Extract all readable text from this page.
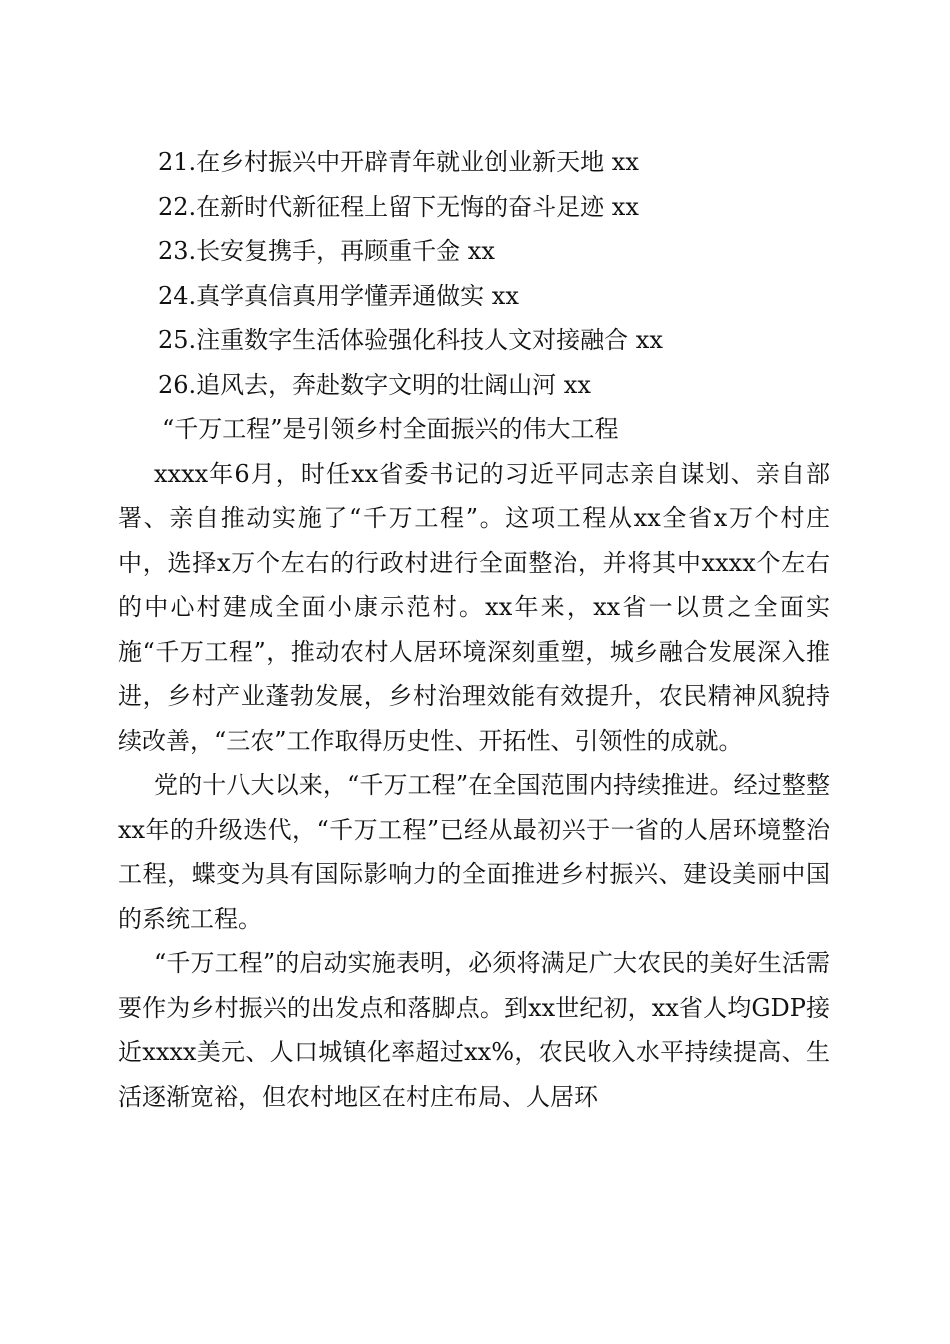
21.在乡村振兴中开辟青年就业创业新天地 xx
22.在新时代新征程上留下无悔的奋斗足迹 xx
23.长安复携手，再顾重千金 xx
24.真学真信真用学懂弄通做实 xx
25.注重数字生活体验强化科技人文对接融合 xx
26.追风去，奔赴数字文明的壮阔山河 xx
“千万工程”是引领乡村全面振兴的伟大工程

xxxx年6月，时任xx省委书记的习近平同志亲自谋划、亲自部署、亲自推动实施了“千万工程”。这项工程从xx全省x万个村庄中，选择x万个左右的行政村进行全面整治，并将其中xxxx个左右的中心村建成全面小康示范村。xx年来，xx省一以贯之全面实施“千万工程”，推动农村人居环境深刻重塑，城乡融合发展深入推进，乡村产业蓬勃发展，乡村治理效能有效提升，农民精神风貌持续改善，“三农”工作取得历史性、开拓性、引领性的成就。

党的十八大以来，“千万工程”在全国范围内持续推进。经过整整xx年的升级迭代，“千万工程”已经从最初兴于一省的人居环境整治工程，蝶变为具有国际影响力的全面推进乡村振兴、建设美丽中国的系统工程。

“千万工程”的启动实施表明，必须将满足广大农民的美好生活需要作为乡村振兴的出发点和落脚点。到xx世纪初，xx省人均GDP接近xxxx美元、人口城镇化率超过xx%，农民收入水平持续提高、生活逐渐宽裕，但农村地区在村庄布局、人居环
